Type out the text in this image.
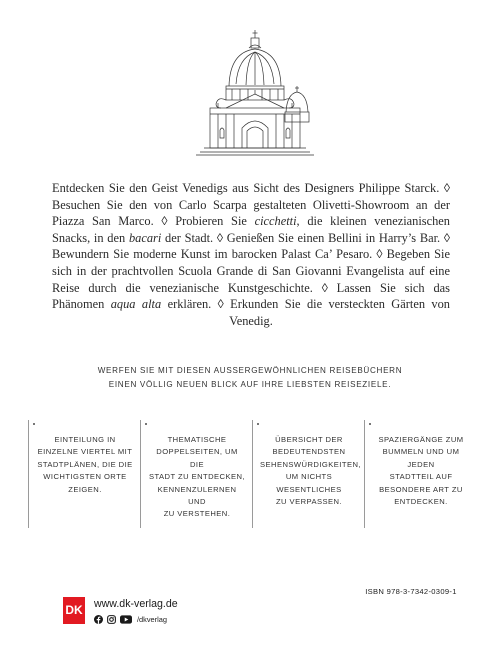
Entdecken Sie den Geist Venedigs aus Sicht des Designers Philippe Starck. ◊ Besuchen Sie den von Carlo Scarpa gestalteten Olivetti-Showroom an der Piazza San Marco. ◊ Probieren Sie cicchetti, die kleinen venezianischen Snacks, in den bacari der Stadt. ◊ Genießen Sie einen Bellini in Harry’s Bar. ◊ Bewundern Sie moderne Kunst im barocken Palast Ca’ Pesaro. ◊ Begeben Sie sich in der prachtvollen Scuola Grande di San Giovanni Evangelista auf eine Reise durch die venezianische Kunstgeschichte. ◊ Lassen Sie sich das Phänomen aqua alta erklären. ◊ Erkunden Sie die versteckten Gärten von Venedig.
WERFEN SIE MIT DIESEN AUSSERGEWÖHNLICHEN REISEBÜCHERN
EINEN VÖLLIG NEUEN BLICK AUF IHRE LIEBSTEN REISEZIELE.
EINTEILUNG IN
EINZELNE VIERTEL MIT
STADTPLÄNEN, DIE DIE
WICHTIGSTEN ORTE
ZEIGEN.
THEMATISCHE
DOPPELSEITEN, UM DIE
STADT ZU ENTDECKEN,
KENNENZULERNEN UND
ZU VERSTEHEN.
ÜBERSICHT DER
BEDEUTENDSTEN
SEHENSWÜRDIGKEITEN,
UM NICHTS WESENTLICHES
ZU VERPASSEN.
SPAZIERGÄNGE ZUM
BUMMELN UND UM JEDEN
STADTTEIL AUF
BESONDERE ART ZU
ENTDECKEN.
ISBN 978-3-7342-0309-1
DK www.dk-verlag.de
/dkverlag
